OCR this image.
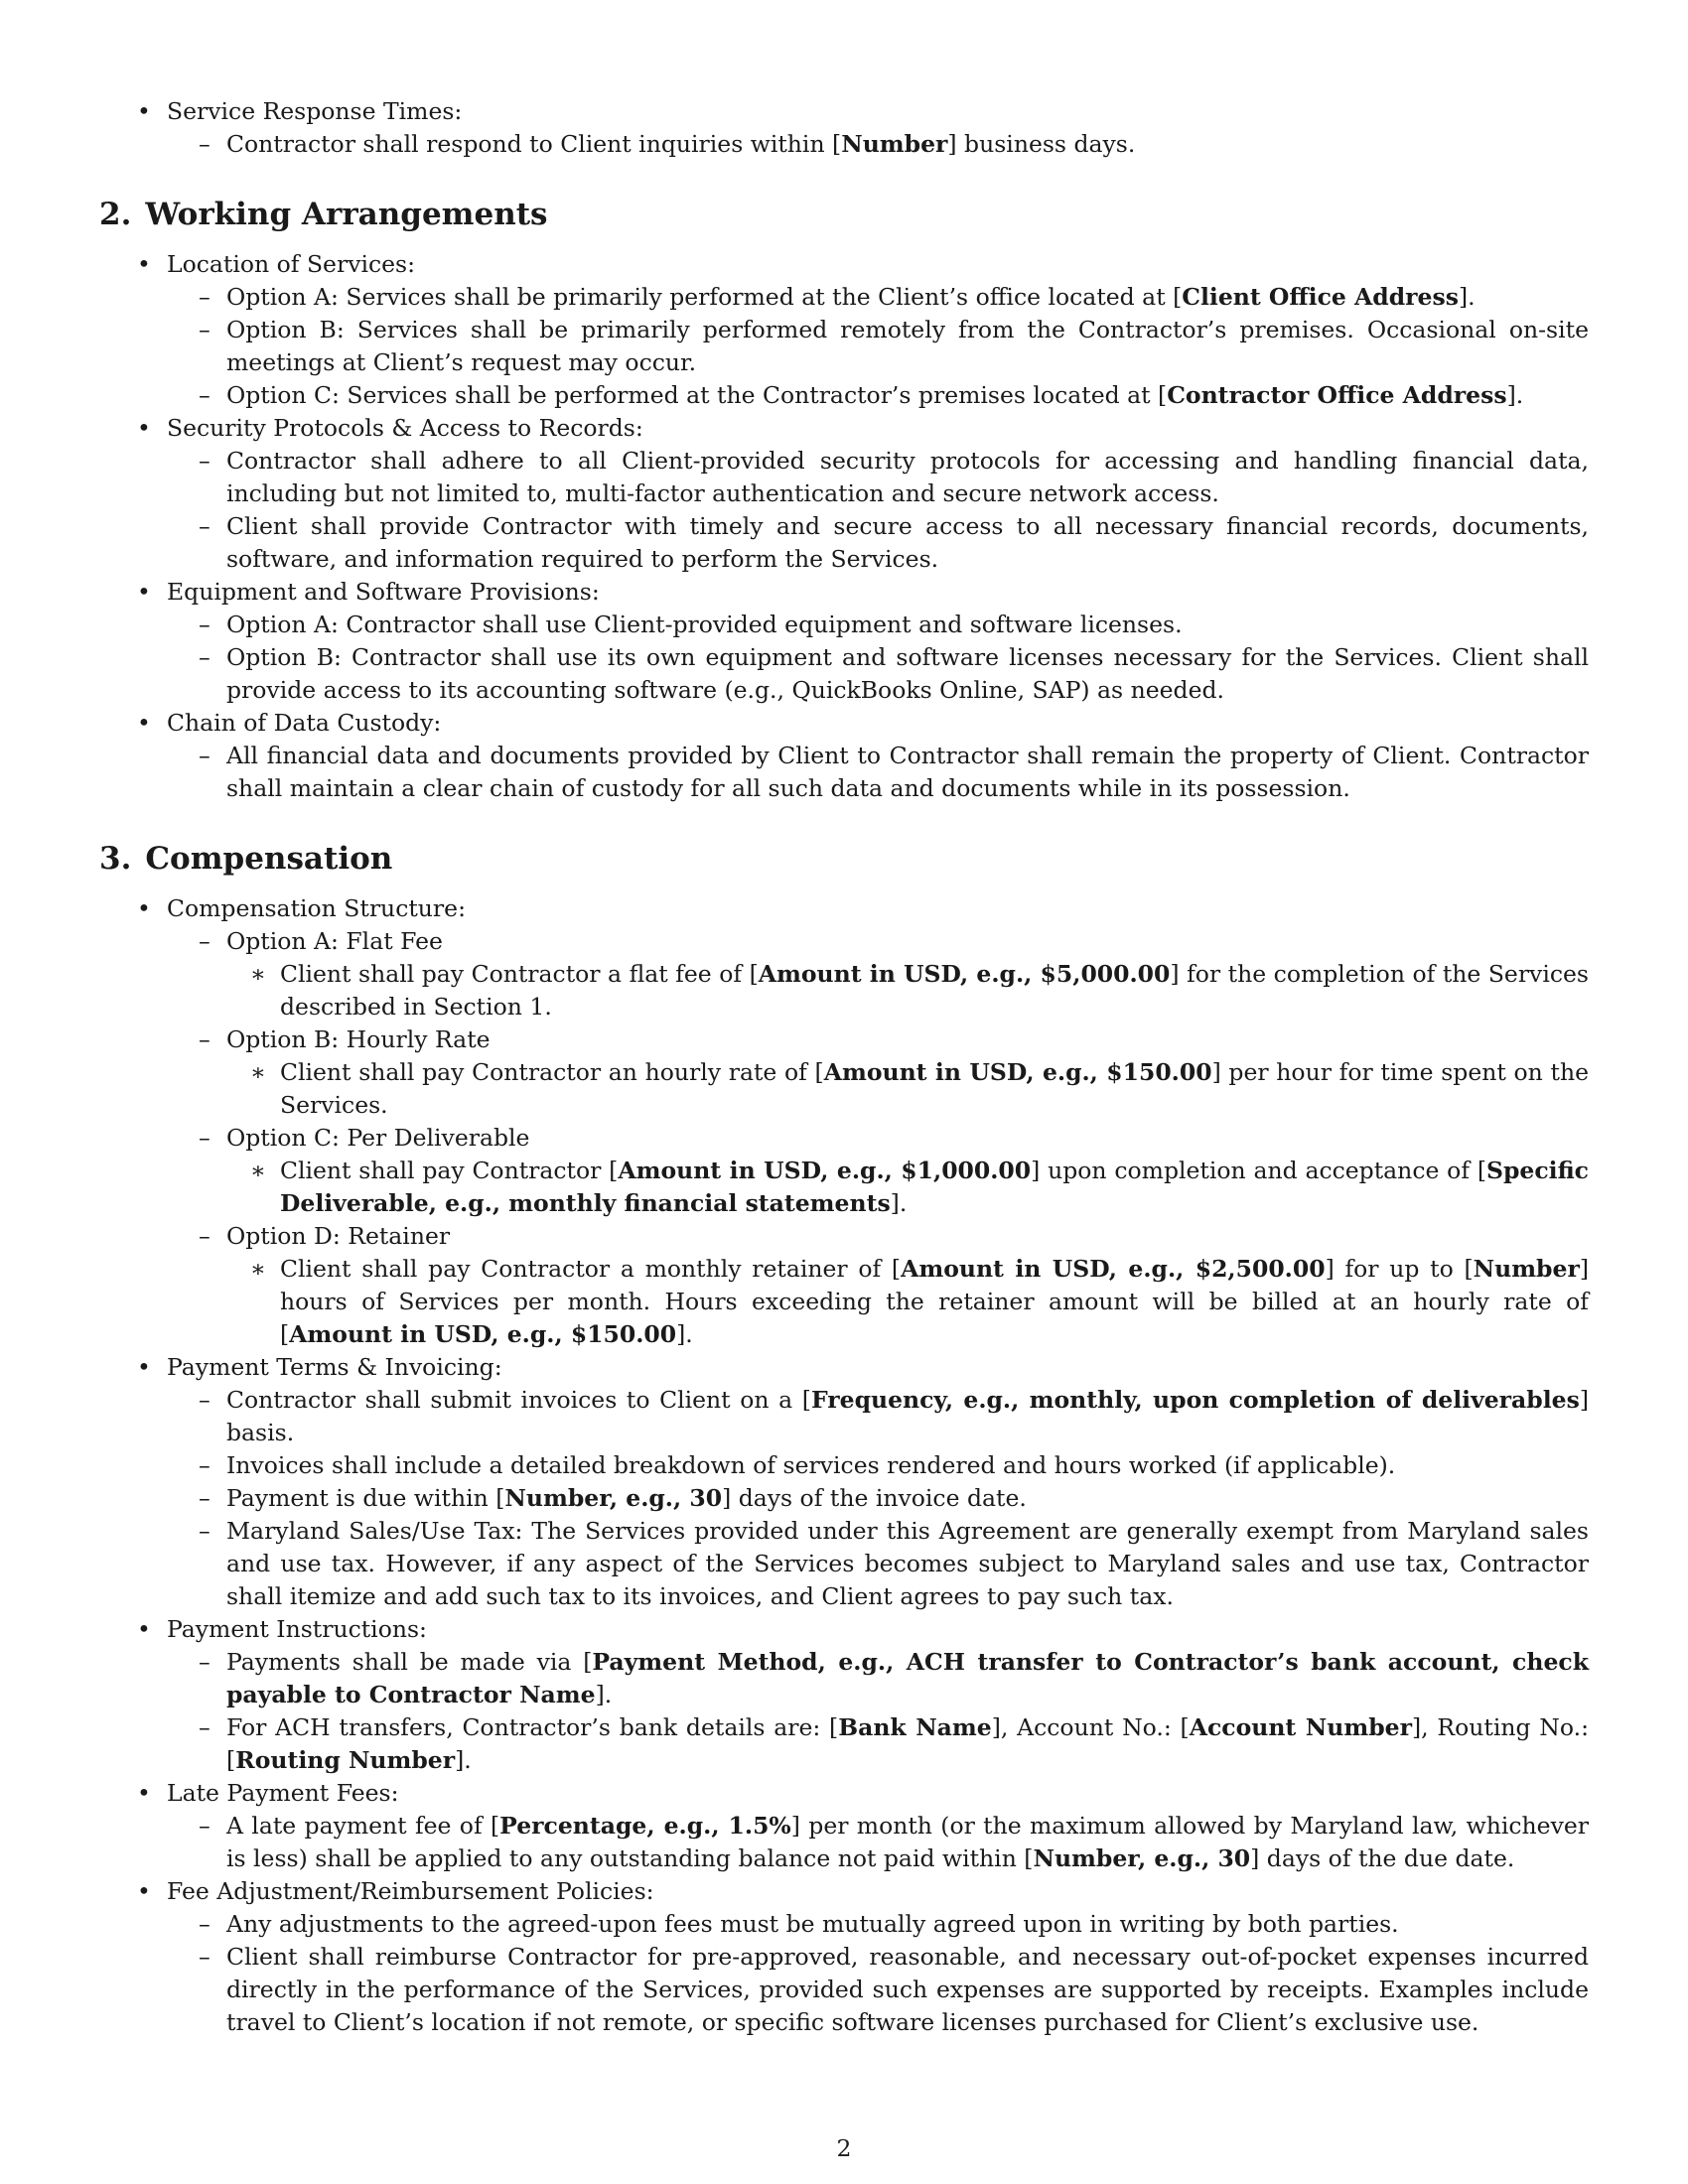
• Service Response Times:
– Contractor shall respond to Client inquiries within [Number] business days.
2. Working Arrangements
• Location of Services:
– Option A: Services shall be primarily performed at the Client’s office located at [Client Office Address].
– Option B: Services shall be primarily performed remotely from the Contractor’s premises. Occasional on-site meetings at Client’s request may occur.
– Option C: Services shall be performed at the Contractor’s premises located at [Contractor Office Address].
• Security Protocols & Access to Records:
– Contractor shall adhere to all Client-provided security protocols for accessing and handling financial data, including but not limited to, multi-factor authentication and secure network access.
– Client shall provide Contractor with timely and secure access to all necessary financial records, documents, software, and information required to perform the Services.
• Equipment and Software Provisions:
– Option A: Contractor shall use Client-provided equipment and software licenses.
– Option B: Contractor shall use its own equipment and software licenses necessary for the Services. Client shall provide access to its accounting software (e.g., QuickBooks Online, SAP) as needed.
• Chain of Data Custody:
– All financial data and documents provided by Client to Contractor shall remain the property of Client. Contractor shall maintain a clear chain of custody for all such data and documents while in its possession.
3. Compensation
• Compensation Structure:
– Option A: Flat Fee
∗ Client shall pay Contractor a flat fee of [Amount in USD, e.g., $5,000.00] for the completion of the Services described in Section 1.
– Option B: Hourly Rate
∗ Client shall pay Contractor an hourly rate of [Amount in USD, e.g., $150.00] per hour for time spent on the Services.
– Option C: Per Deliverable
∗ Client shall pay Contractor [Amount in USD, e.g., $1,000.00] upon completion and acceptance of [Specific Deliverable, e.g., monthly financial statements].
– Option D: Retainer
∗ Client shall pay Contractor a monthly retainer of [Amount in USD, e.g., $2,500.00] for up to [Number] hours of Services per month. Hours exceeding the retainer amount will be billed at an hourly rate of [Amount in USD, e.g., $150.00].
• Payment Terms & Invoicing:
– Contractor shall submit invoices to Client on a [Frequency, e.g., monthly, upon completion of deliverables] basis.
– Invoices shall include a detailed breakdown of services rendered and hours worked (if applicable).
– Payment is due within [Number, e.g., 30] days of the invoice date.
– Maryland Sales/Use Tax: The Services provided under this Agreement are generally exempt from Maryland sales and use tax. However, if any aspect of the Services becomes subject to Maryland sales and use tax, Contractor shall itemize and add such tax to its invoices, and Client agrees to pay such tax.
• Payment Instructions:
– Payments shall be made via [Payment Method, e.g., ACH transfer to Contractor’s bank account, check payable to Contractor Name].
– For ACH transfers, Contractor’s bank details are: [Bank Name], Account No.: [Account Number], Routing No.: [Routing Number].
• Late Payment Fees:
– A late payment fee of [Percentage, e.g., 1.5%] per month (or the maximum allowed by Maryland law, whichever is less) shall be applied to any outstanding balance not paid within [Number, e.g., 30] days of the due date.
• Fee Adjustment/Reimbursement Policies:
– Any adjustments to the agreed-upon fees must be mutually agreed upon in writing by both parties.
– Client shall reimburse Contractor for pre-approved, reasonable, and necessary out-of-pocket expenses incurred directly in the performance of the Services, provided such expenses are supported by receipts. Examples include travel to Client’s location if not remote, or specific software licenses purchased for Client’s exclusive use.
2
